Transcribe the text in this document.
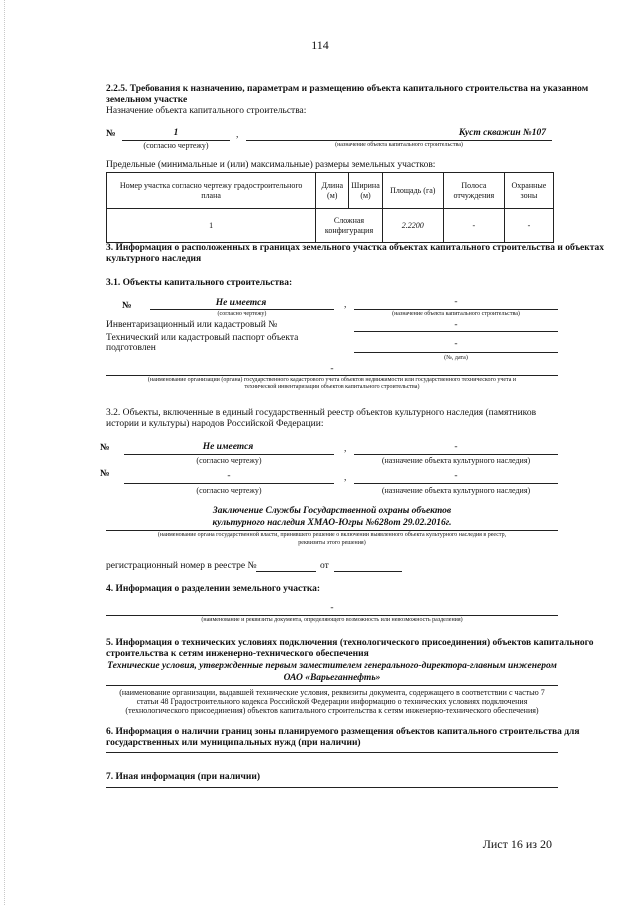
114
2.2.5. Требования к назначению, параметрам и размещению объекта капитального строительства на указанном
земельном участке
Назначение объекта капитального строительства:
№	1	,	Куст скважин №107
(согласно чертежу)	(назначение объекта капитального строительства)
Предельные (минимальные и (или) максимальные) размеры земельных участков:
Номер участка согласно чертежу градостроительного плана	Длина (м)	Ширина (м)	Площадь (га)	Полоса отчуждения	Охранные зоны
1	Сложная конфигурация		2.2200	-	-
3. Информация о расположенных в границах земельного участка объектах капитального строительства и объектах
культурного наследия
3.1. Объекты капитального строительства:
№	Не имеется	,	-
(согласно чертежу)	(назначение объекта капитального строительства)
Инвентаризационный или кадастровый №	-
Технический или кадастровый паспорт объекта
подготовлен	-
(№, дата)
-
(наименование организации (органа) государственного кадастрового учета объектов недвижимости или государственного технического учета и
технической инвентаризации объектов капитального строительства)
3.2. Объекты, включенные в единый государственный реестр объектов культурного наследия (памятников
истории и культуры) народов Российской Федерации:
№	Не имеется	,	-
(согласно чертежу)	(назначение объекта культурного наследия)
№	-	,	-
(согласно чертежу)	(назначение объекта культурного наследия)
Заключение Службы Государственной охраны объектов
культурного наследия ХМАО-Югры №628от 29.02.2016г.
(наименование органа государственной власти, принявшего решение о включении выявленного объекта культурного наследия в реестр,
реквизиты этого решения)
регистрационный номер в реестре №	от
4. Информация о разделении земельного участка:
-
(наименование и реквизиты документа, определяющего возможность или невозможность разделения)
5. Информация о технических условиях подключения (технологического присоединения) объектов капитального
строительства к сетям инженерно-технического обеспечения
Технические условия, утвержденные первым заместителем генерального-директора-главным инженером
ОАО «Варьеганнефть»
(наименование организации, выдавшей технические условия, реквизиты документа, содержащего в соответствии с частью 7
статьи 48 Градостроительного кодекса Российской Федерации информацию о технических условиях подключения
(технологического присоединения) объектов капитального строительства к сетям инженерно-технического обеспечения)
6. Информация о наличии границ зоны планируемого размещения объектов капитального строительства для
государственных или муниципальных нужд (при наличии)
7. Иная информация (при наличии)
Лист 16 из 20
